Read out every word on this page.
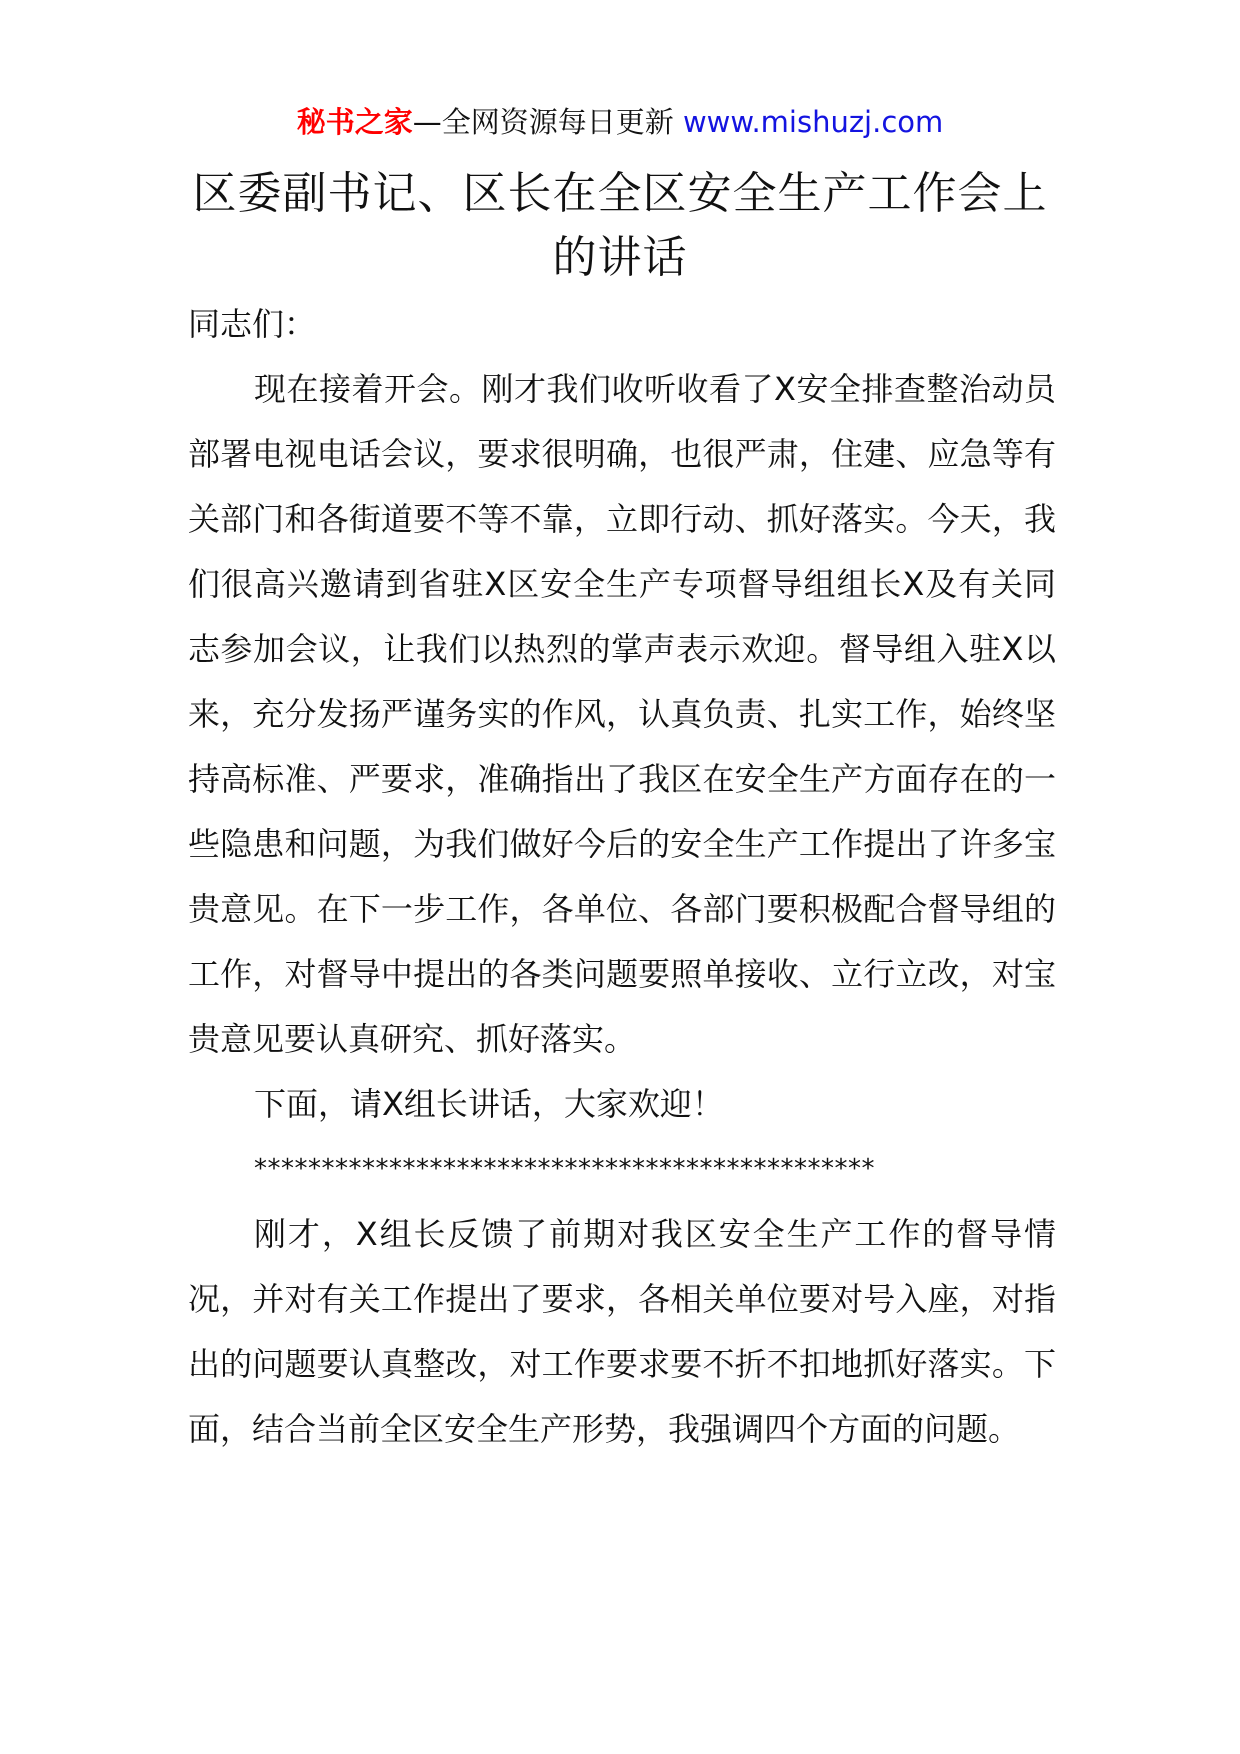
秘书之家—全网资源每日更新 www.mishuzj.com
区委副书记、区长在全区安全生产工作会上的讲话

同志们：

现在接着开会。刚才我们收听收看了X安全排查整治动员部署电视电话会议，要求很明确，也很严肃，住建、应急等有关部门和各街道要不等不靠，立即行动、抓好落实。今天，我们很高兴邀请到省驻X区安全生产专项督导组组长X及有关同志参加会议，让我们以热烈的掌声表示欢迎。督导组入驻X以来，充分发扬严谨务实的作风，认真负责、扎实工作，始终坚持高标准、严要求，准确指出了我区在安全生产方面存在的一些隐患和问题，为我们做好今后的安全生产工作提出了许多宝贵意见。在下一步工作，各单位、各部门要积极配合督导组的工作，对督导中提出的各类问题要照单接收、立行立改，对宝贵意见要认真研究、抓好落实。

下面，请X组长讲话，大家欢迎！

**********************************************

刚才，X组长反馈了前期对我区安全生产工作的督导情况，并对有关工作提出了要求，各相关单位要对号入座，对指出的问题要认真整改，对工作要求要不折不扣地抓好落实。下面，结合当前全区安全生产形势，我强调四个方面的问题。
